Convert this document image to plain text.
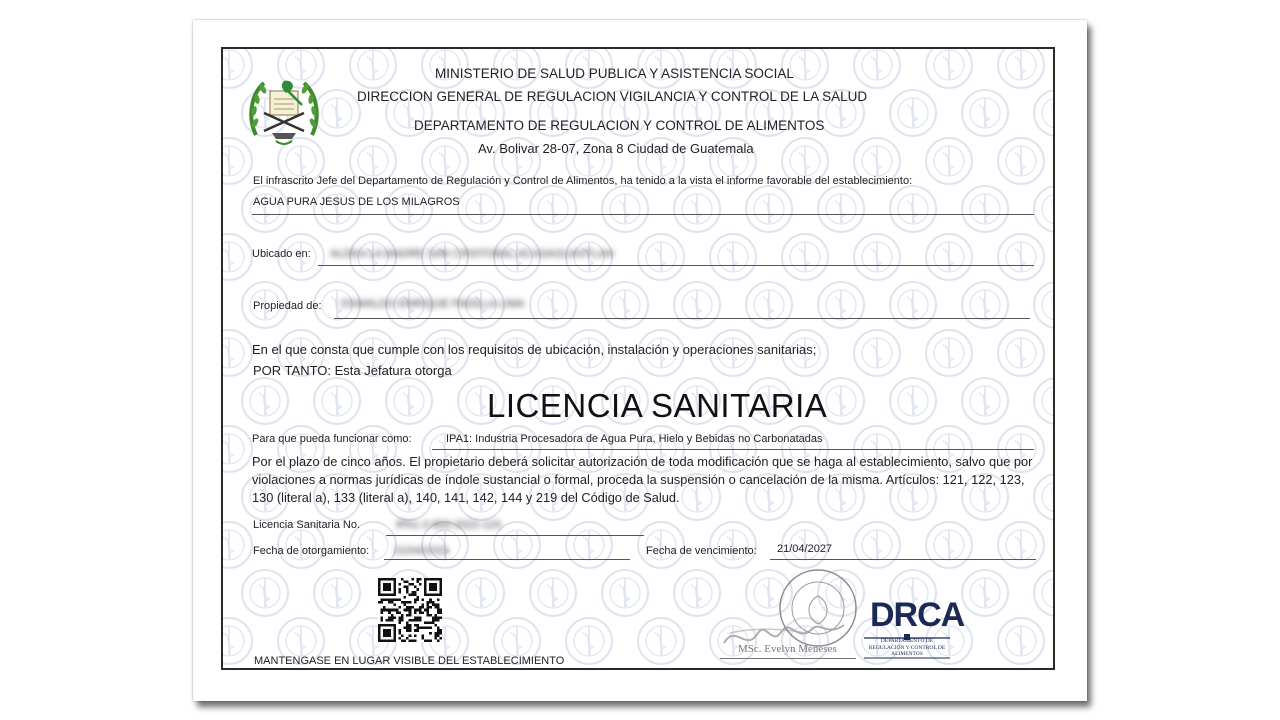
MINISTERIO DE SALUD PUBLICA Y ASISTENCIA SOCIAL
DIRECCION GENERAL DE REGULACION VIGILANCIA Y CONTROL DE LA SALUD
DEPARTAMENTO DE REGULACION Y CONTROL DE ALIMENTOS
Av. Bolivar 28-07, Zona 8 Ciudad de Guatemala
El infrascrito Jefe del Departamento de Regulación y Control de Alimentos, ha tenido a la vista el informe favorable del establecimiento:
AGUA PURA JESUS DE LOS MILAGROS
Ubicado en: ALDEA LA MADRE SAN CRISTOBAL ACASAGUASTLAN
Propiedad de: OSWALDO ENRIQUE PADILLA LIMA
En el que consta que cumple con los requisitos de ubicación, instalación y operaciones sanitarias;
POR TANTO: Esta Jefatura otorga
LICENCIA SANITARIA
Para que pueda funcionar como:	IPA1: Industria Procesadora de Agua Pura, Hielo y Bebidas no Carbonatadas
Por el plazo de cinco años. El propietario deberá solicitar autorización de toda modificación que se haga al establecimiento, salvo que por violaciones a normas jurídicas de índole sustancial o formal, proceda la suspensión o cancelación de la misma. Artículos: 121, 122, 123, 130 (literal a), 133 (literal a), 140, 141, 142, 144 y 219 del Código de Salud.
Licencia Sanitaria No.	IPA1-2-800-2022-124
Fecha de otorgamiento: 21/04/2022	Fecha de vencimiento: 21/04/2027
MANTENGASE EN LUGAR VISIBLE DEL ESTABLECIMIENTO
MSc. Evelyn Meneses
DRCA
DEPARTAMENTO DE REGULACIÓN Y CONTROL DE ALIMENTOS
